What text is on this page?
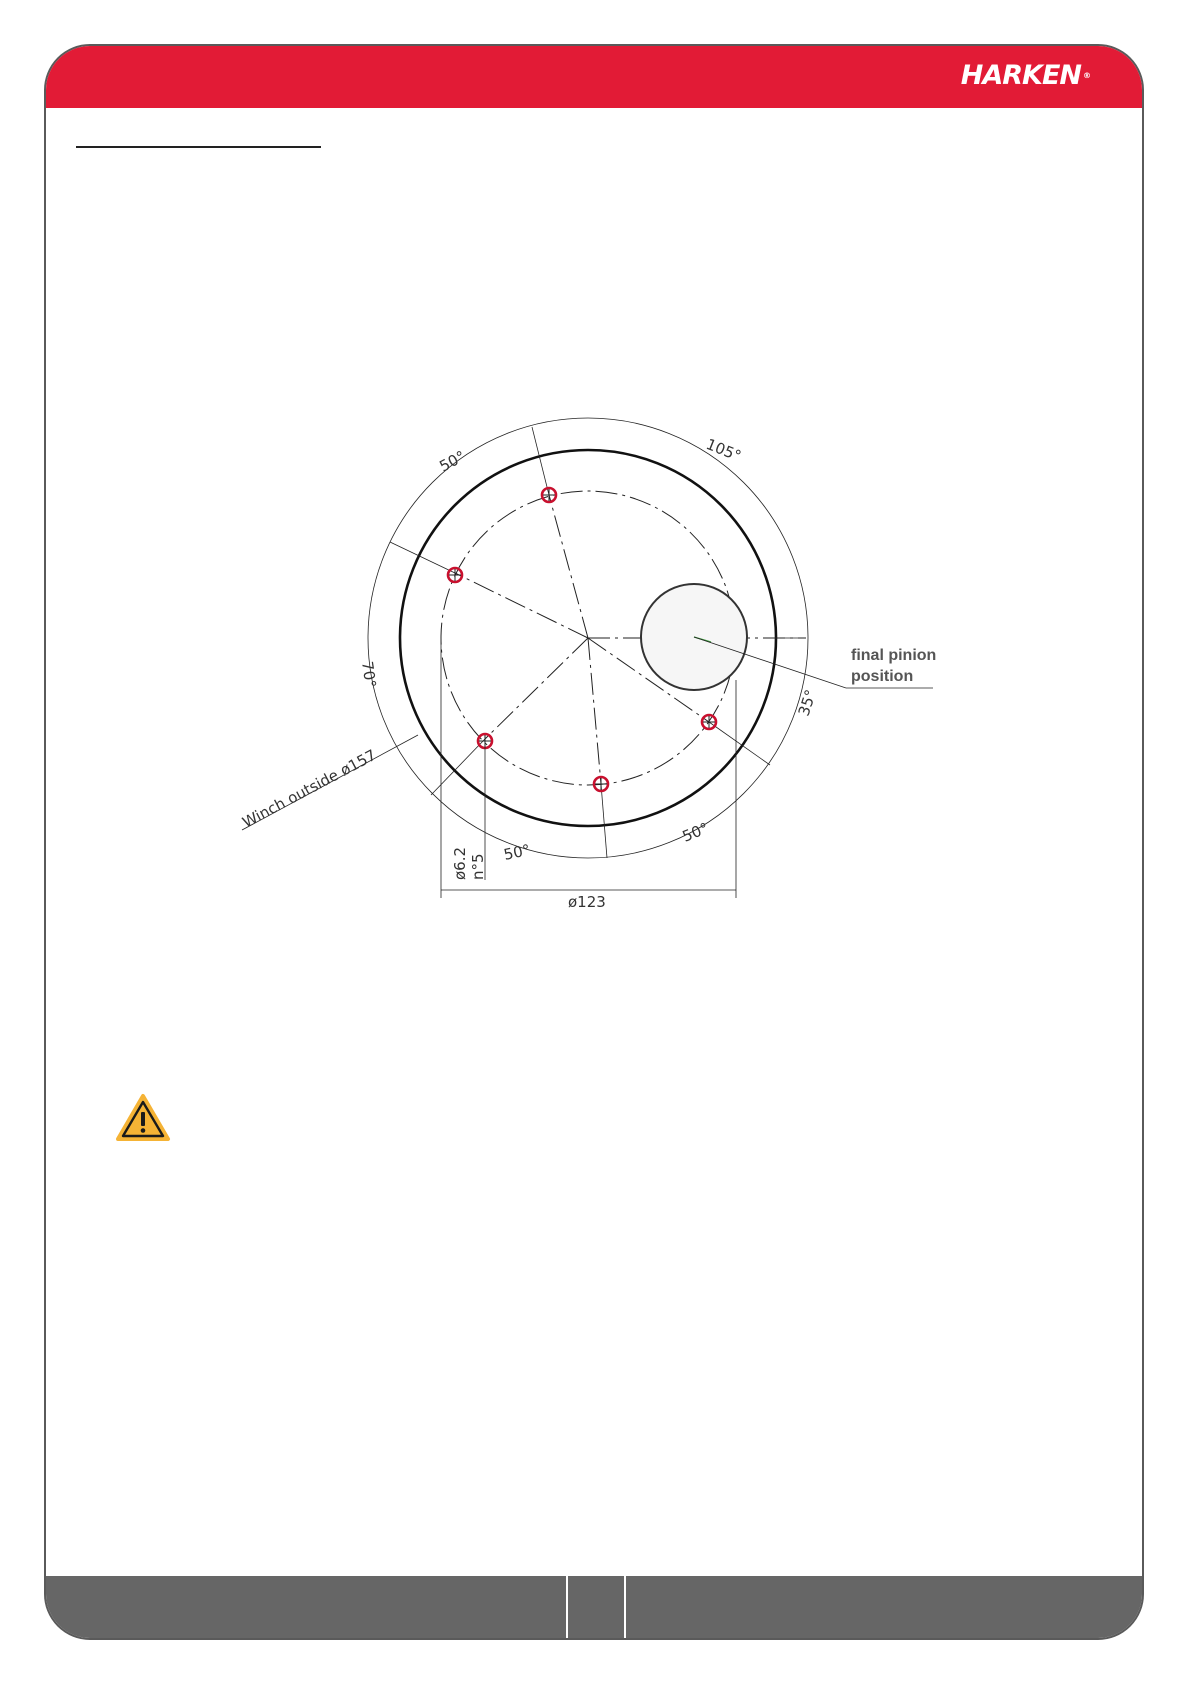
HARKEN ®
ø123
ø6.2 n°5
Winch outside ø157
final pinion
position
50°	105°
70°
35°
50°
50°
